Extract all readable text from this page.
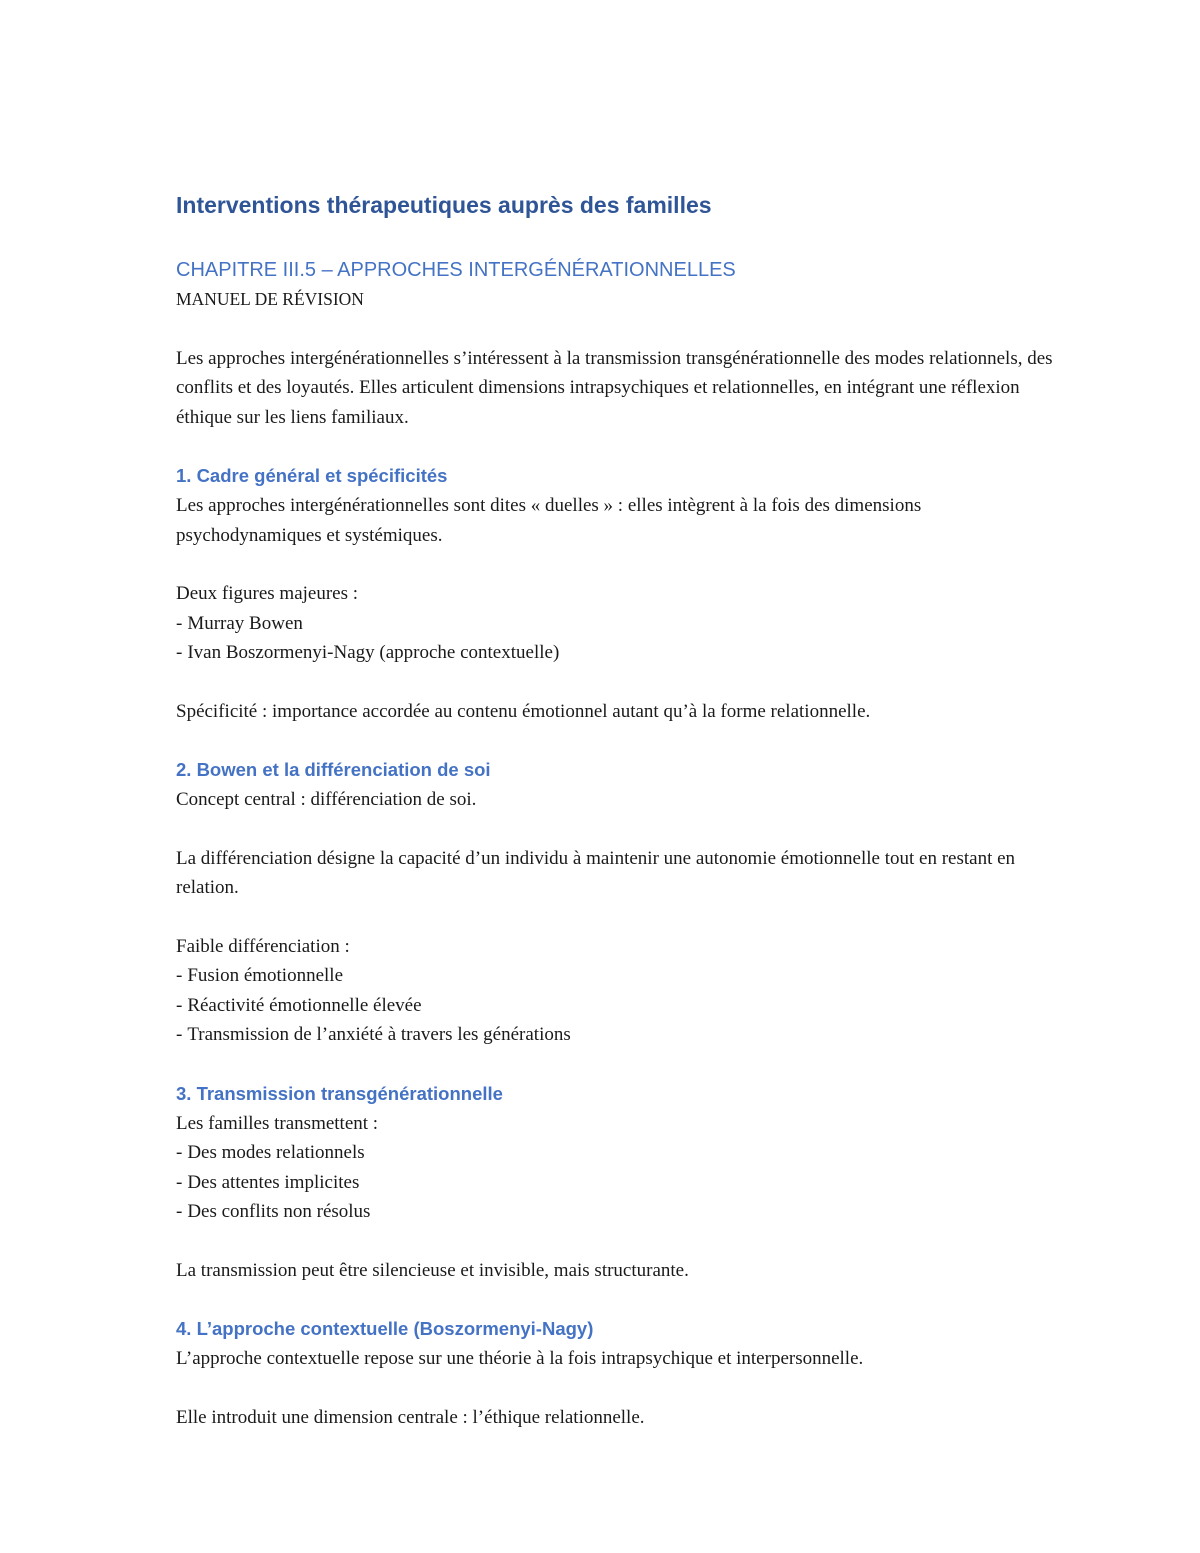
Interventions thérapeutiques auprès des familles
CHAPITRE III.5 – APPROCHES INTERGÉNÉRATIONNELLES
MANUEL DE RÉVISION

Les approches intergénérationnelles s’intéressent à la transmission transgénérationnelle des modes relationnels, des conflits et des loyautés. Elles articulent dimensions intrapsychiques et relationnelles, en intégrant une réflexion éthique sur les liens familiaux.

1. Cadre général et spécificités

Les approches intergénérationnelles sont dites « duelles » : elles intègrent à la fois des dimensions psychodynamiques et systémiques.

Deux figures majeures :

- Murray Bowen
- Ivan Boszormenyi-Nagy (approche contextuelle)

Spécificité : importance accordée au contenu émotionnel autant qu’à la forme relationnelle.

2. Bowen et la différenciation de soi

Concept central : différenciation de soi.

La différenciation désigne la capacité d’un individu à maintenir une autonomie émotionnelle tout en restant en relation.

Faible différenciation :

- Fusion émotionnelle
- Réactivité émotionnelle élevée
- Transmission de l’anxiété à travers les générations
3. Transmission transgénérationnelle

Les familles transmettent :

- Des modes relationnels
- Des attentes implicites
- Des conflits non résolus

La transmission peut être silencieuse et invisible, mais structurante.

4. L’approche contextuelle (Boszormenyi-Nagy)

L’approche contextuelle repose sur une théorie à la fois intrapsychique et interpersonnelle.

Elle introduit une dimension centrale : l’éthique relationnelle.
